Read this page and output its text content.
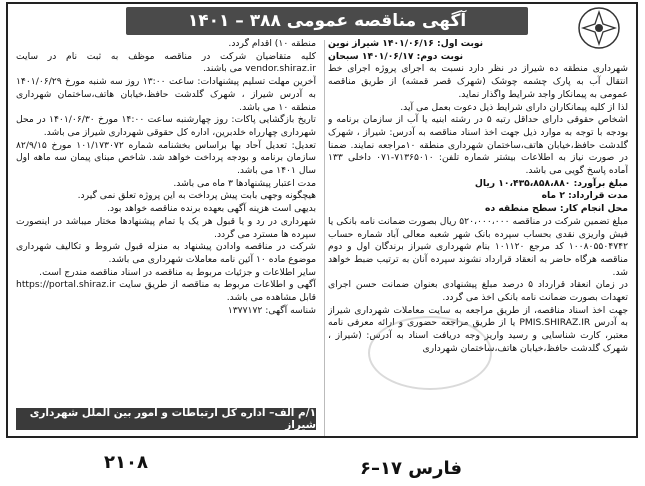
آگهی مناقصه عمومی ۳۸۸ – ۱۴۰۱

نوبت اول: ۱۴۰۱/۰۶/۱۶ شیراز نوین

نوبت دوم: ۱۴۰۱/۰۶/۱۷ سبحان

شهرداری منطقه ده شیراز در نظر دارد نسبت به اجرای پروژه اجرای خط انتقال آب به پارک چشمه چوشک (شهرک قصر قمشه) از طریق مناقصه عمومی به پیمانکار واجد شرایط واگذار نماید.

لذا از کلیه پیمانکاران دارای شرایط ذیل دعوت بعمل می آید.

اشخاص حقوقی دارای حداقل رتبه ۵ در رشته ابنیه یا آب از سازمان برنامه و بودجه با توجه به موارد ذیل جهت اخذ اسناد مناقصه به آدرس: شیراز ، شهرک گلدشت حافظ،خیابان هاتف،ساختمان شهرداری منطقه ۱۰مراجعه نمایند. ضمنا در صورت نیاز به اطلاعات بیشتر شماره تلفن: ۷۱۳۶۵۰۱۰-۰۷۱ داخلی ۱۳۳ آماده پاسخ گویی می باشد.

مبلغ برآورد: ۱۰،۴۳۵،۸۵۸،۸۸۰ ریال

مدت قرارداد: ۲ ماه

محل انجام کار: سطح منطقه ده

مبلغ تضمین شرکت در مناقصه ۵۲۰،۰۰۰،۰۰۰ ریال بصورت ضمانت نامه بانکی یا فیش واریزی نقدی بحساب سپرده بانک شهر شعبه معالی آباد شماره حساب ۱۰۰۸۰۵۵۰۴۷۴۲ کد مرجع ۱۰۱۱۲۰ بنام شهرداری شیراز برندگان اول و دوم مناقصه هرگاه حاضر به انعقاد قرارداد نشوند سپرده آنان به ترتیب ضبط خواهد شد.

در زمان انعقاد قرارداد ۵ درصد مبلغ پیشنهادی بعنوان ضمانت حسن اجرای تعهدات بصورت ضمانت نامه بانکی اخذ می گردد.

جهت اخذ اسناد مناقصه، از طریق مراجعه به سایت معاملات شهرداری شیراز به آدرس PMIS.SHIRAZ.IR یا از طریق مراجعه حضوری و ارائه معرفی نامه معتبر، کارت شناسایی و رسید واریز وجه دریافت اسناد به آدرس: (شیراز ، شهرک گلدشت حافظ،خیابان هاتف،ساختمان شهرداری

منطقه ۱۰) اقدام گردد.

کلیه متقاضیان شرکت در مناقصه موظف به ثبت نام در سایت vendor.shiraz.ir می باشند.

آخرین مهلت تسلیم پیشنهادات: ساعت ۱۳:۰۰ روز سه شنبه مورخ ۱۴۰۱/۰۶/۲۹ به آدرس شیراز ، شهرک گلدشت حافظ،خیابان هاتف،ساختمان شهرداری منطقه ۱۰ می باشد.

تاریخ بازگشایی پاکات: روز چهارشنبه ساعت ۱۴:۰۰ مورخ ۱۴۰۱/۰۶/۳۰ در محل شهرداری چهارراه خلدبرین، اداره کل حقوقی شهرداری شیراز می باشد.

تعدیل: تعدیل آحاد بها براساس بخشنامه شماره ۱۰۱/۱۷۳۰۷۲ مورخ ۸۲/۹/۱۵ سازمان برنامه و بودجه پرداخت خواهد شد. شاخص مبنای پیمان سه ماهه اول سال ۱۴۰۱ می باشد.

مدت اعتبار پیشنهادها ۳ ماه می باشد.

هیچگونه وجهی بابت پیش پرداخت به این پروژه تعلق نمی گیرد.

بدیهی است هزینه آگهی بعهده برنده مناقصه خواهد بود.

شهرداری در رد و یا قبول هر یک یا تمام پیشنهادها مختار میباشد در اینصورت سپرده ها مسترد می گردد.

شرکت در مناقصه وادادن پیشنهاد به منزله قبول شروط و تکالیف شهرداری موضوع ماده ۱۰ آئین نامه معاملات شهرداری می باشد.

سایر اطلاعات و جزئیات مربوط به مناقصه در اسناد مناقصه مندرج است.

آگهی و اطلاعات مربوط به مناقصه از طریق سایت https://portal.shiraz.ir قابل مشاهده می باشد.

شناسه آگهی: ۱۳۷۷۱۷۲

۱/م الف– اداره کل ارتباطات و امور بین الملل شهرداری شیراز
۲۱۰۸	فارس ۱۷–۶
